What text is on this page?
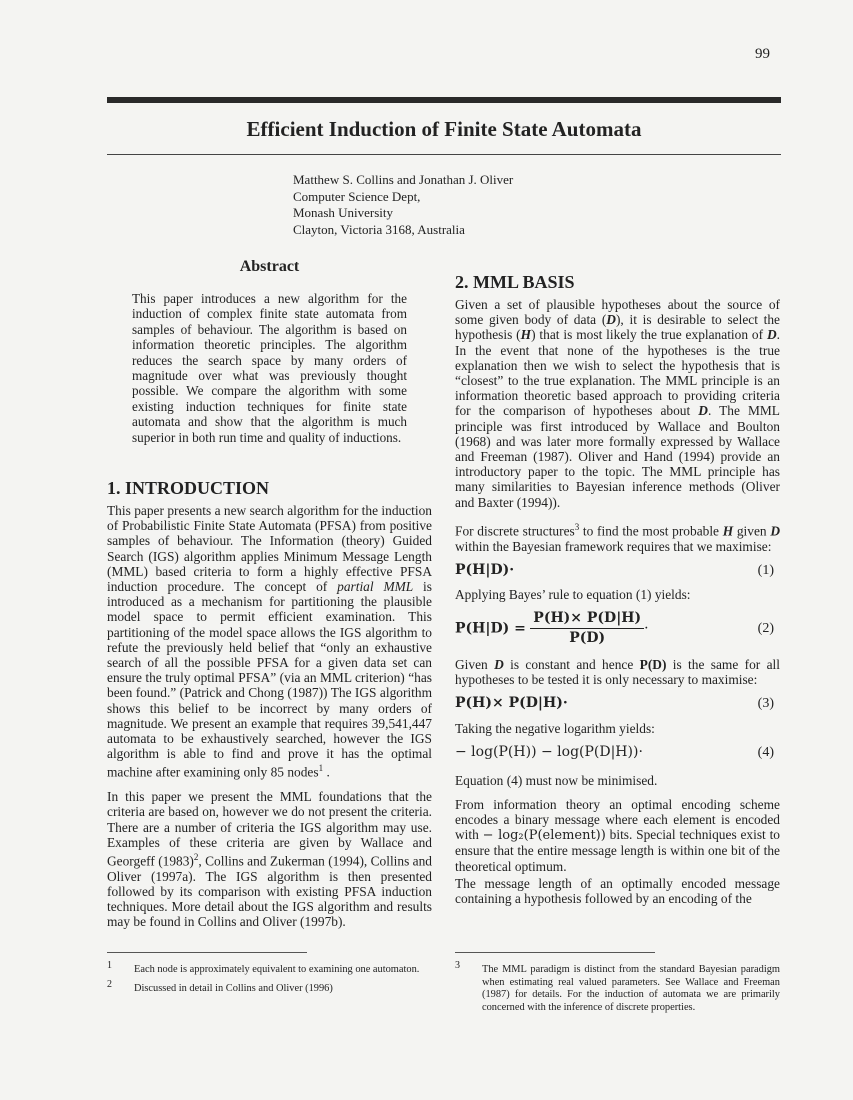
99
Efficient Induction of Finite State Automata
Matthew S. Collins and Jonathan J. Oliver
Computer Science Dept,
Monash University
Clayton, Victoria 3168, Australia
Abstract
This paper introduces a new algorithm for the induction of complex finite state automata from samples of behaviour. The algorithm is based on information theoretic principles. The algorithm reduces the search space by many orders of magnitude over what was previously thought possible. We compare the algorithm with some existing induction techniques for finite state automata and show that the algorithm is much superior in both run time and quality of inductions.
1. INTRODUCTION

This paper presents a new search algorithm for the induction of Probabilistic Finite State Automata (PFSA) from positive samples of behaviour. The Information (theory) Guided Search (IGS) algorithm applies Minimum Message Length (MML) based criteria to form a highly effective PFSA induction procedure. The concept of partial MML is introduced as a mechanism for partitioning the plausible model space to permit efficient examination. This partitioning of the model space allows the IGS algorithm to refute the previously held belief that “only an exhaustive search of all the possible PFSA for a given data set can ensure the truly optimal PFSA” (via an MML criterion) “has been found.” (Patrick and Chong (1987)) The IGS algorithm shows this belief to be incorrect by many orders of magnitude. We present an example that requires 39,541,447 automata to be exhaustively searched, however the IGS algorithm is able to find and prove it has the optimal machine after examining only 85 nodes$^1$ .

In this paper we present the MML foundations that the criteria are based on, however we do not present the criteria. There are a number of criteria the IGS algorithm may use. Examples of these criteria are given by Wallace and Georgeff $(1983)^2$, Collins and Zukerman (1994), Collins and Oliver (1997a). The IGS algorithm is then presented followed by its comparison with existing PFSA induction techniques. More detail about the IGS algorithm and results may be found in Collins and Oliver (1997b).

1	Each node is approximately equivalent to examining one automaton.
2	Discussed in detail in Collins and Oliver (1996)
2. MML BASIS

Given a set of plausible hypotheses about the source of some given body of data (D), it is desirable to select the hypothesis (H) that is most likely the true explanation of D. In the event that none of the hypotheses is the true explanation then we wish to select the hypothesis that is “closest” to the true explanation. The MML principle is an information theoretic based approach to providing criteria for the comparison of hypotheses about D. The MML principle was first introduced by Wallace and Boulton (1968) and was later more formally expressed by Wallace and Freeman (1987). Oliver and Hand (1994) provide an introductory paper to the topic. The MML principle has many similarities to Bayesian inference methods (Oliver and Baxter (1994)).

For discrete structures$^3$ to find the most probable H given D within the Bayesian framework requires that we maximise:

P(H|D)·	(1)

Applying Bayes’ rule to equation (1) yields:

$P(H|D) = \frac{P(H)\times P(D|H)}{P(D)}$ ·	(2)

Given D is constant and hence P(D) is the same for all hypotheses to be tested it is only necessary to maximise:

P(H)× P(D|H)·	(3)

Taking the negative logarithm yields:

− log(P(H)) − log(P(D|H))·	(4)

Equation (4) must now be minimised.

From information theory an optimal encoding scheme encodes a binary message where each element is encoded with − log₂(P(element)) bits. Special techniques exist to ensure that the entire message length is within one bit of the theoretical optimum.

The message length of an optimally encoded message containing a hypothesis followed by an encoding of the

3	The MML paradigm is distinct from the standard Bayesian paradigm when estimating real valued parameters. See Wallace and Freeman (1987) for details. For the induction of automata we are primarily concerned with the inference of discrete properties.
